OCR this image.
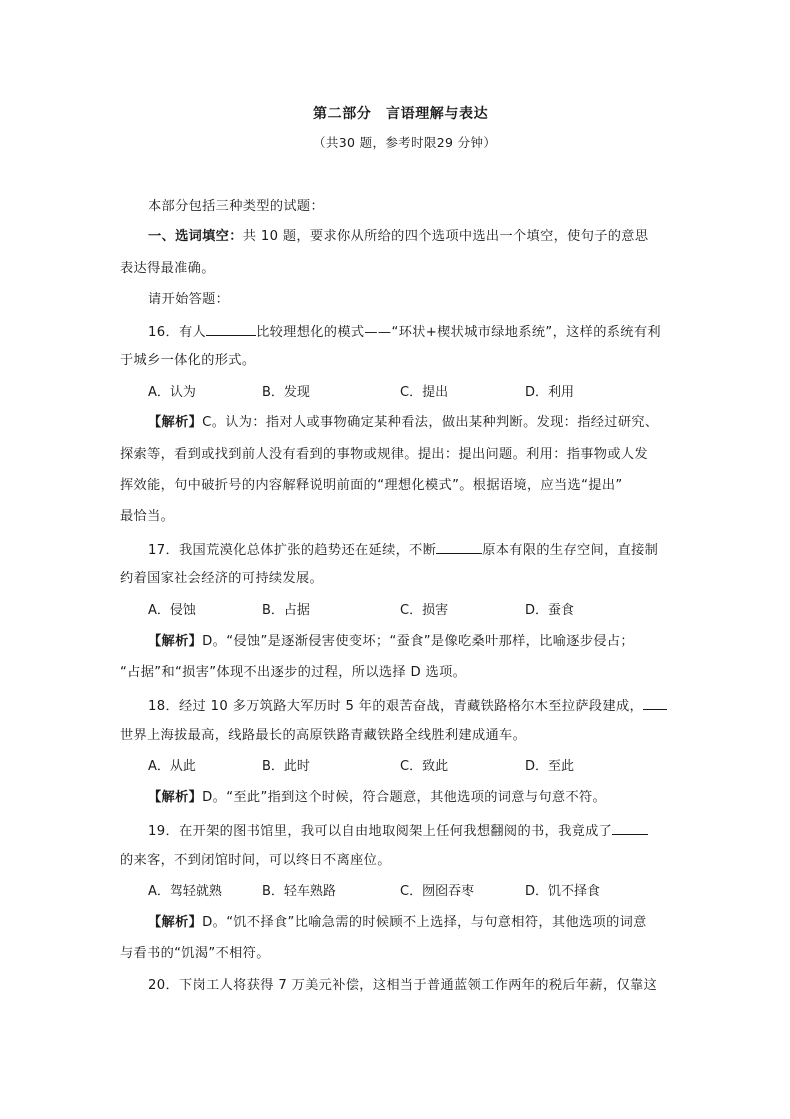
第二部分　言语理解与表达
（共30 题，参考时限29 分钟）
本部分包括三种类型的试题：
一、选词填空：共 10 题，要求你从所给的四个选项中选出一个填空，使句子的意思
表达得最准确。
请开始答题：
16．有人	比较理想化的模式——“环状+楔状城市绿地系统”，这样的系统有利
于城乡一体化的形式。
A．认为	B．发现	C．提出	D．利用
【解析】C。认为：指对人或事物确定某种看法，做出某种判断。发现：指经过研究、
探索等，看到或找到前人没有看到的事物或规律。提出：提出问题。利用：指事物或人发
挥效能，句中破折号的内容解释说明前面的“理想化模式”。根据语境，应当选“提出”
最恰当。
17．我国荒漠化总体扩张的趋势还在延续，不断	原本有限的生存空间，直接制
约着国家社会经济的可持续发展。
A．侵蚀	B．占据	C．损害	D．蚕食
【解析】D。“侵蚀”是逐渐侵害使变坏；“蚕食”是像吃桑叶那样，比喻逐步侵占；
“占据”和“损害”体现不出逐步的过程，所以选择 D 选项。
18．经过 10 多万筑路大军历时 5 年的艰苦奋战，青藏铁路格尔木至拉萨段建成，
世界上海拔最高，线路最长的高原铁路青藏铁路全线胜利建成通车。
A．从此	B．此时	C．致此	D．至此
【解析】D。“至此”指到这个时候，符合题意，其他选项的词意与句意不符。
19．在开架的图书馆里，我可以自由地取阅架上任何我想翻阅的书，我竟成了
的来客，不到闭馆时间，可以终日不离座位。
A．驾轻就熟	B．轻车熟路	C．囫囵吞枣	D．饥不择食
【解析】D。“饥不择食”比喻急需的时候顾不上选择，与句意相符，其他选项的词意
与看书的“饥渴”不相符。
20．下岗工人将获得 7 万美元补偿，这相当于普通蓝领工作两年的税后年薪，仅靠这
